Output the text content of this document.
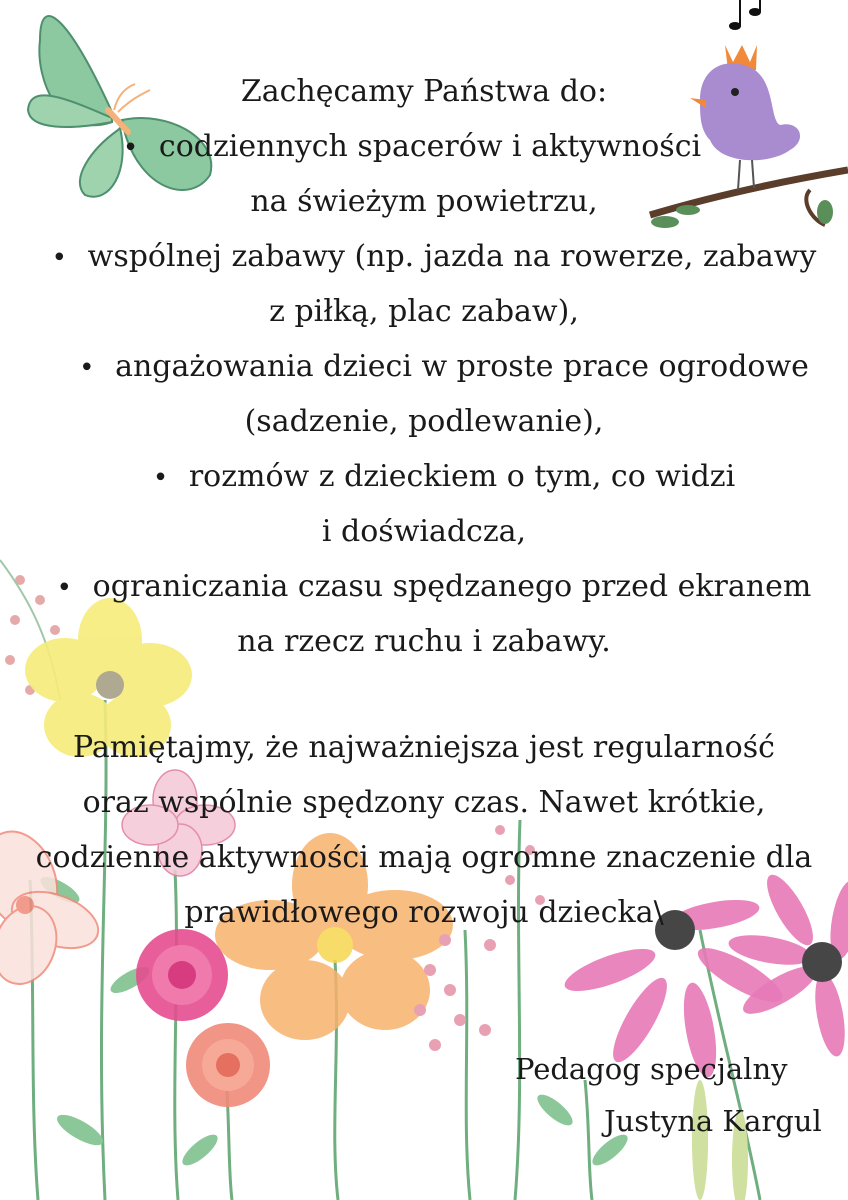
Zachęcamy Państwa do:
• codziennych spacerów i aktywności
na świeżym powietrzu,
• wspólnej zabawy (np. jazda na rowerze, zabawy
z piłką, plac zabaw),
• angażowania dzieci w proste prace ogrodowe
(sadzenie, podlewanie),
• rozmów z dzieckiem o tym, co widzi
i doświadcza,
• ograniczania czasu spędzanego przed ekranem
na rzecz ruchu i zabawy.
Pamiętajmy, że najważniejsza jest regularność
oraz wspólnie spędzony czas. Nawet krótkie,
codzienne aktywności mają ogromne znaczenie dla
prawidłowego rozwoju dziecka\
Pedagog specjalny
Justyna Kargul
